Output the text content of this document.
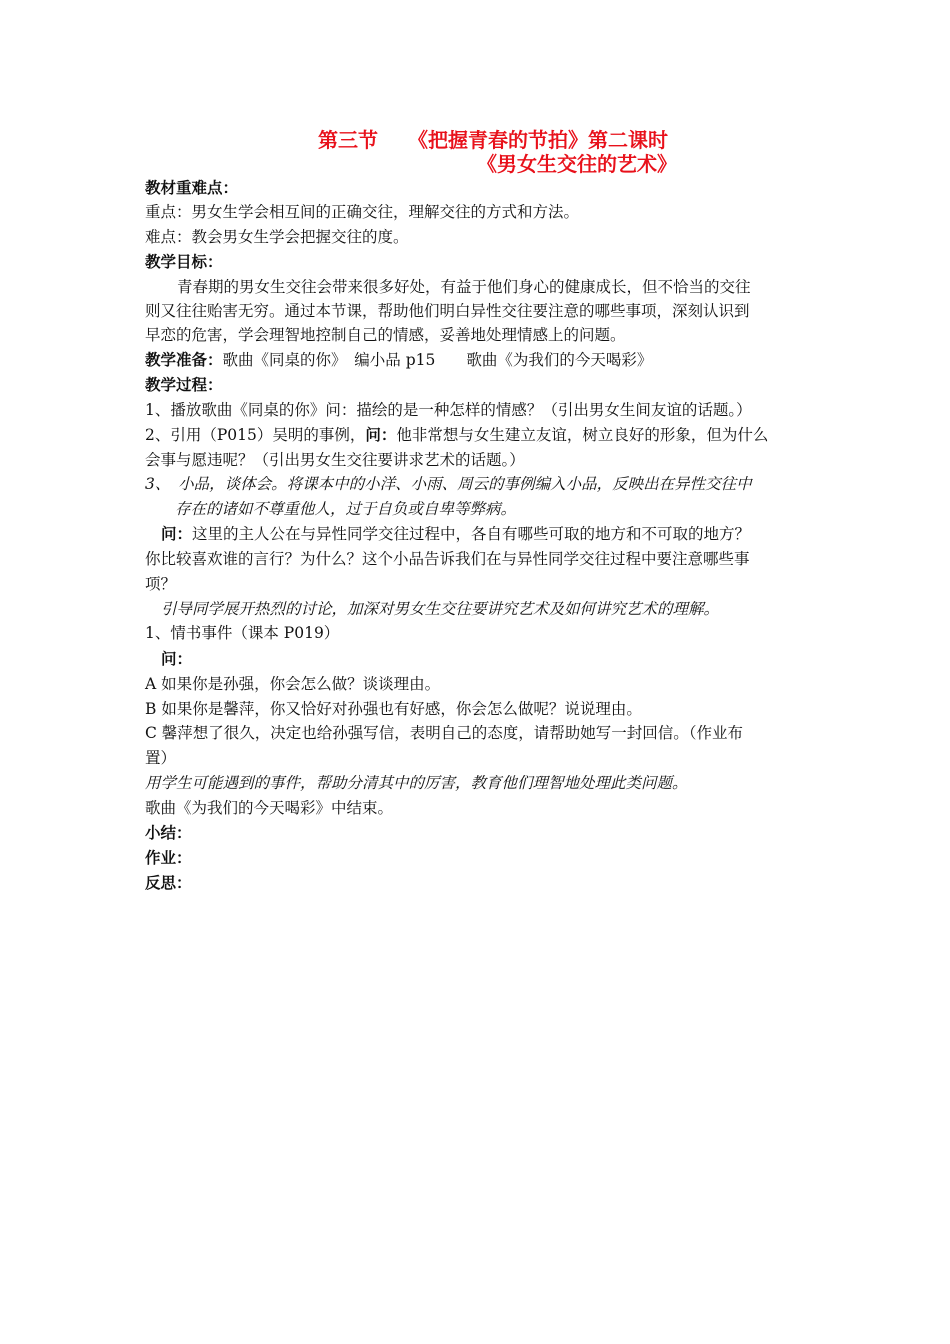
第三节　　《把握青春的节拍》第二课时
《男女生交往的艺术》
教材重难点：
重点：男女生学会相互间的正确交往，理解交往的方式和方法。
难点：教会男女生学会把握交往的度。
教学目标：
青春期的男女生交往会带来很多好处，有益于他们身心的健康成长，但不恰当的交往
则又往往贻害无穷。通过本节课，帮助他们明白异性交往要注意的哪些事项，深刻认识到
早恋的危害，学会理智地控制自己的情感，妥善地处理情感上的问题。
教学准备：歌曲《同桌的你》　编小品 p15　　歌曲《为我们的今天喝彩》
教学过程：
1、播放歌曲《同桌的你》问：描绘的是一种怎样的情感？（引出男女生间友谊的话题。）
2、引用（P015）吴明的事例，问：他非常想与女生建立友谊，树立良好的形象，但为什么
会事与愿违呢？（引出男女生交往要讲求艺术的话题。）
3、　小品，谈体会。将课本中的小洋、小雨、周云的事例编入小品，反映出在异性交往中
存在的诸如不尊重他人，过于自负或自卑等弊病。
问：这里的主人公在与异性同学交往过程中，各自有哪些可取的地方和不可取的地方？
你比较喜欢谁的言行？为什么？这个小品告诉我们在与异性同学交往过程中要注意哪些事
项？
引导同学展开热烈的讨论，加深对男女生交往要讲究艺术及如何讲究艺术的理解。
1、情书事件（课本 P019）
问：
A 如果你是孙强，你会怎么做？谈谈理由。
B 如果你是馨萍，你又恰好对孙强也有好感，你会怎么做呢？说说理由。
C 馨萍想了很久，决定也给孙强写信，表明自己的态度，请帮助她写一封回信。（作业布
置）
用学生可能遇到的事件，帮助分清其中的厉害，教育他们理智地处理此类问题。
歌曲《为我们的今天喝彩》中结束。
小结：
作业：
反思：
